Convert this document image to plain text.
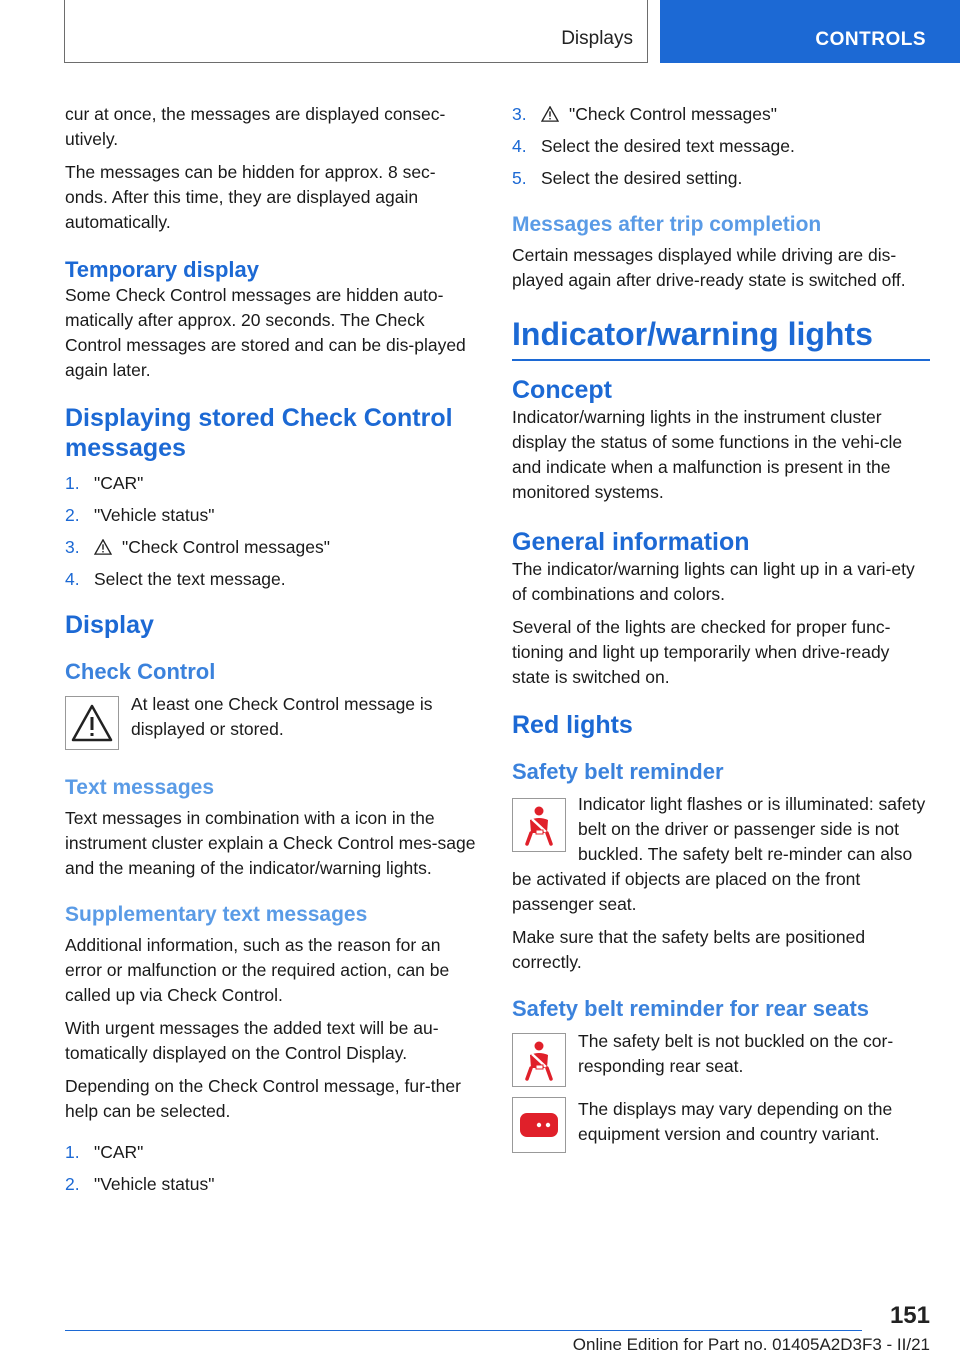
Displays	CONTROLS

cur at once, the messages are displayed consec‐utively.

The messages can be hidden for approx. 8 sec‐onds. After this time, they are displayed again automatically.

Temporary display

Some Check Control messages are hidden auto‐matically after approx. 20 seconds. The Check Control messages are stored and can be dis‐played again later.

Displaying stored Check Control messages
1. "CAR"
2. "Vehicle status"
3.	"Check Control messages"
4. Select the text message.
Display
Check Control

At least one Check Control message is displayed or stored.

Text messages

Text messages in combination with a icon in the instrument cluster explain a Check Control mes‐sage and the meaning of the indicator/warning lights.

Supplementary text messages

Additional information, such as the reason for an error or malfunction or the required action, can be called up via Check Control.

With urgent messages the added text will be au‐tomatically displayed on the Control Display.

Depending on the Check Control message, fur‐ther help can be selected.

1. "CAR"
2. "Vehicle status"
3.	"Check Control messages"
4. Select the desired text message.
5. Select the desired setting.
Messages after trip completion

Certain messages displayed while driving are dis‐played again after drive-ready state is switched off.

Indicator/warning lights
Concept

Indicator/warning lights in the instrument cluster display the status of some functions in the vehi‐cle and indicate when a malfunction is present in the monitored systems.

General information

The indicator/warning lights can light up in a vari‐ety of combinations and colors.

Several of the lights are checked for proper func‐tioning and light up temporarily when drive-ready state is switched on.

Red lights
Safety belt reminder

Indicator light flashes or is illuminated: safety belt on the driver or passenger side is not buckled. The safety belt re‐minder can also be activated if objects are placed on the front passenger seat.

Make sure that the safety belts are positioned correctly.

Safety belt reminder for rear seats

The safety belt is not buckled on the cor‐responding rear seat.

The displays may vary depending on the equipment version and country variant.

151
Online Edition for Part no. 01405A2D3F3 - II/21
